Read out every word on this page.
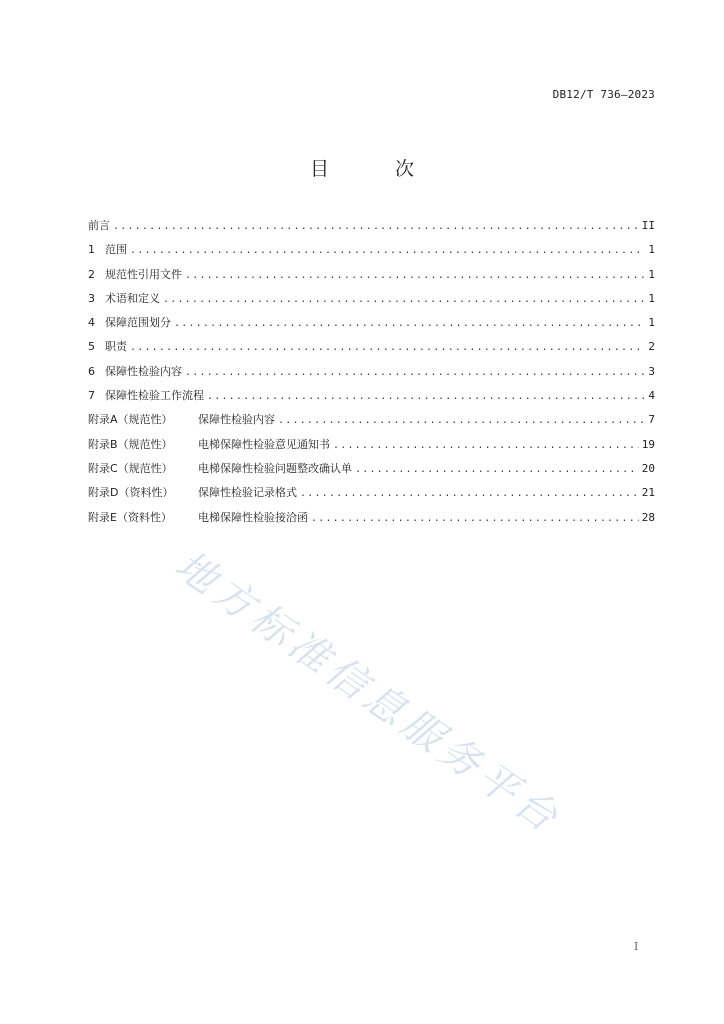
DB12/T 736—2023
目 次
前言 .....	II
1 范围 .....	1
2 规范性引用文件 .....	1
3 术语和定义 .....	1
4 保障范围划分 .....	1
5 职责 .....	2
6 保障性检验内容 .....	3
7 保障性检验工作流程 .....	4
附录A（规范性） 保障性检验内容 .....	7
附录B（规范性） 电梯保障性检验意见通知书 .....	19
附录C（规范性） 电梯保障性检验问题整改确认单 .....	20
附录D（资料性） 保障性检验记录格式 .....	21
附录E（资料性） 电梯保障性检验接洽函 .....	28
地方标准信息服务平台
I
